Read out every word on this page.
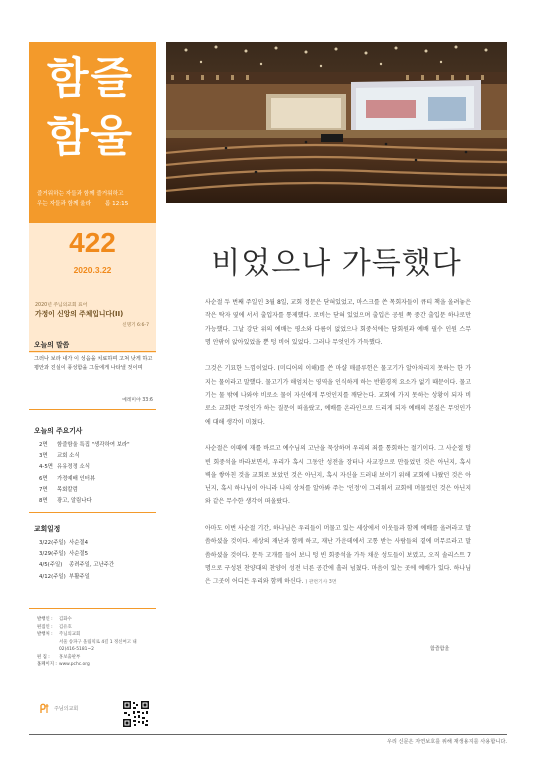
함즐
함울
즐거워하는 자들과 함께 즐거워하고
우는 자들과 함께 울라	롬 12:15
422
2020.3.22
2020년 주님의교회 표어
가정이 신앙의 주체입니다(II)
신명기 6:6-7
오늘의 말씀
그러나 보라 내가 이 성읍을 치료하며 고쳐 낫게 하고 평안과 진실이 풍성함을 그들에게 나타낼 것이며
예레미야 33:6
오늘의 주요기사
2면	함즐함울 특집 "생각하여 보라"
3면	교회 소식
4-5면 유유정정 소식
6면	가정예배 인터뷰
7면	목회칼럼
8면	광고, 알림나다
교회일정
3/22(주일) 사순절4
3/29(주일) 사순절5
4/5(주일)	종려주일, 고난주간
4/12(주일) 부활주일
발행인 :	김화수
편집인 :	김유호
발행처 :	주님의교회
서울 송파구 올림픽로 4길 1 정신여고 내
02)416-5181~2
편 집 :	홍보출판부
홈페이지 : www.pchc.org
주님의교회
비었으나 가득했다

사순절 두 번째 주일인 3월 8일, 교회 정문은 닫혀있었고, 마스크를 쓴 목회자들이 큐티 책을 올려놓은 작은 탁자 옆에 서서 출입자를 통제했다. 로비는 닫혀 있었으며 출입은 공원 쪽 중간 출입문 하나로만 가능했다. 그날 강단 위의 예배는 평소와 다름이 없었으나 회중석에는 담회원과 예배 필수 인원 스무 명 안팎이 앉아있었을 뿐 텅 비어 있었다. 그러나 무엇인가 가득했다.

그것은 기묘한 느낌이었다. (미디어의 이해)를 쓴 마샬 매클루헌은 물고기가 알아차리지 못하는 한 가지는 물이라고 말했다. 물고기가 해엄치는 영역을 인식하게 하는 반환경적 요소가 없기 때문이다. 물고기는 물 밖에 나와야 비로소 물이 자신에게 무엇인지를 깨닫는다. 교회에 가지 못하는 상황이 되자 비로소 교회란 무엇인가 하는 질문이 떠올랐고, 예배를 온라인으로 드리게 되자 예배의 본질은 무엇인가에 대해 생각이 미쳤다.

사순절은 이때에 재를 바르고 예수님의 고난을 묵상하며 우리의 죄를 통회하는 절기이다. 그 사순절 텅 빈 회중석을 바라보면서, 우리가 혹시 그동안 성전을 장터나 사교장으로 만들었던 것은 아닌지, 혹시 벽을 쌓아친 것을 교회로 보았던 것은 아닌지, 혹시 자신을 드러내 보이기 위해 교회에 나왔던 것은 아닌지, 혹시 하나님이 아니라 나의 상처를 알아봐 주는 '인정'이 그리워서 교회에 머물렀던 것은 아닌지와 같은 무수한 생각이 떠올랐다.

아마도 이번 사순절 기간, 하나님은 우리들이 머물고 있는 세상에서 이웃들과 함께 예배를 올려라고 말씀하셨을 것이다. 세상의 재난과 함께 하고, 재난 가운데에서 고통 받는 사람들의 곁에 머무르라고 말씀하셨을 것이다. 문득 고개를 들어 보니 텅 빈 회중석을 가득 채운 성도들이 보였고, 오직 솔리스트 7명으로 구성된 찬양대의 찬양이 성전 너른 공간에 흘러 넘쳤다. 마음이 있는 곳에 예배가 있다. 하나님은 그곳이 어디든 우리와 함께 하신다. ) 관련기사 3면

함즐함울
우리 신문은 자연보호를 위해 재생용지를 사용합니다.
